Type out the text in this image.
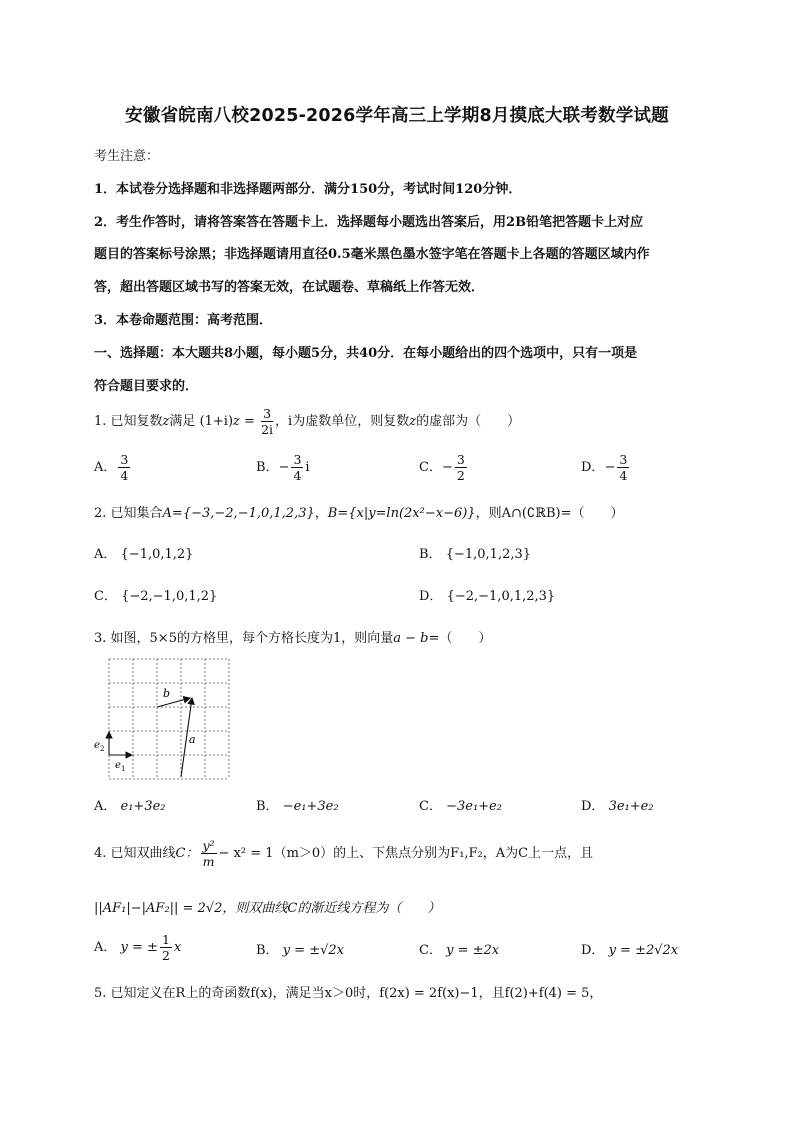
安徽省皖南八校2025-2026学年高三上学期8月摸底大联考数学试题
考生注意：
1．本试卷分选择题和非选择题两部分．满分150分，考试时间120分钟．
2．考生作答时，请将答案答在答题卡上．选择题每小题选出答案后，用2B铅笔把答题卡上对应
题目的答案标号涂黑；非选择题请用直径0.5毫米黑色墨水签字笔在答题卡上各题的答题区域内作
答，超出答题区域书写的答案无效，在试题卷、草稿纸上作答无效．
3．本卷命题范围：高考范围．
一、选择题：本大题共8小题，每小题5分，共40分．在每小题给出的四个选项中，只有一项是
符合题目要求的．
1. 已知复数z满足 $(1+i)z = \frac{3}{2i}$ ，i为虚数单位，则复数z的虚部为（　　）
A． $\frac{3}{4}$	B．− $\frac{3}{4}$ i	C．− $\frac{3}{2}$	D．− $\frac{3}{4}$
2. 已知集合A={−3,−2,−1,0,1,2,3}，B={x|y=ln(2x²−x−6)}，则A∩(∁ℝB)=（　　）
A． {−1,0,1,2}	B． {−1,0,1,2,3}
C． {−2,−1,0,1,2}	D． {−2,−1,0,1,2,3}
3. 如图，5×5的方格里，每个方格长度为1，则向量a − b=（　　）
b
a
e 2
e 1
A． e₁+3e₂	B． −e₁+3e₂	C． −3e₁+e₂	D． 3e₁+e₂
4. 已知双曲线C： $\frac{\text{y²}}{m} - x^2 = 1(m>0)$的上、下焦点分别为F₁,F₂，A为C上一点，且
||AF₁|−|AF₂|| = 2√2，则双曲线C的渐近线方程为（　　）
A． y = ± $\frac{1}{2}$ x	B． y = ±√2x	C． y = ±2x	D． y = ±2√2x
5. 已知定义在R上的奇函数f(x)，满足当x＞0时，f(2x) = 2f(x)−1，且f(2)+f(4) = 5，
